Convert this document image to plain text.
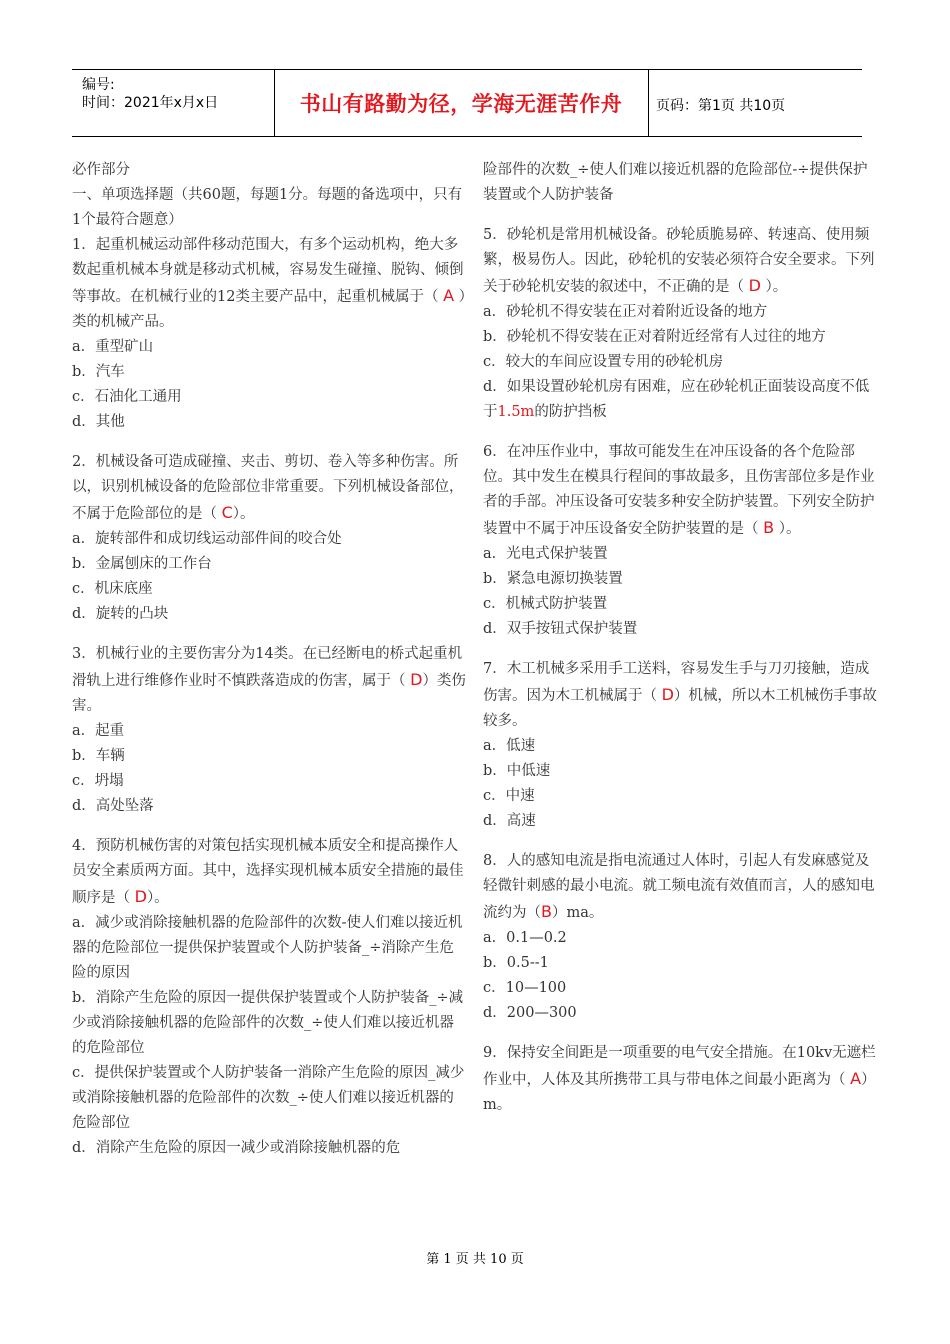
编号:
时间：2021年x月x日	书山有路勤为径，学海无涯苦作舟	页码：第1页 共10页

必作部分

一、单项选择题（共60题，每题1分。每题的备选项中，只有1个最符合题意）

1．起重机械运动部件移动范围大，有多个运动机构，绝大多数起重机械本身就是移动式机械，容易发生碰撞、脱钩、倾倒等事故。在机械行业的12类主要产品中，起重机械属于（ A ）类的机械产品。

a．重型矿山

b．汽车

c．石油化工通用

d．其他

2．机械设备可造成碰撞、夹击、剪切、卷入等多种伤害。所以，识别机械设备的危险部位非常重要。下列机械设备部位，不属于危险部位的是（ C）。

a．旋转部件和成切线运动部件间的咬合处

b．金属刨床的工作台

c．机床底座

d．旋转的凸块

3．机械行业的主要伤害分为14类。在已经断电的桥式起重机滑轨上进行维修作业时不慎跌落造成的伤害，属于（ D）类伤害。

a．起重

b．车辆

c．坍塌

d．高处坠落

4．预防机械伤害的对策包括实现机械本质安全和提高操作人员安全素质两方面。其中，选择实现机械本质安全措施的最佳顺序是（ D）。

a．减少或消除接触机器的危险部件的次数-使人们难以接近机器的危险部位一提供保护装置或个人防护装备_÷消除产生危险的原因

b．消除产生危险的原因一提供保护装置或个人防护装备_÷减少或消除接触机器的危险部件的次数_÷使人们难以接近机器的危险部位

c．提供保护装置或个人防护装备一消除产生危险的原因_减少或消除接触机器的危险部件的次数_÷使人们难以接近机器的危险部位

d．消除产生危险的原因一减少或消除接触机器的危

险部件的次数_÷使人们难以接近机器的危险部位-÷提供保护装置或个人防护装备

5．砂轮机是常用机械设备。砂轮质脆易碎、转速高、使用频繁，极易伤人。因此，砂轮机的安装必须符合安全要求。下列关于砂轮机安装的叙述中，不正确的是（ D ）。

a．砂轮机不得安装在正对着附近设备的地方

b．砂轮机不得安装在正对着附近经常有人过往的地方

c．较大的车间应设置专用的砂轮机房

d．如果设置砂轮机房有困难，应在砂轮机正面装设高度不低于1.5m的防护挡板

6．在冲压作业中，事故可能发生在冲压设备的各个危险部位。其中发生在模具行程间的事故最多，且伤害部位多是作业者的手部。冲压设备可安装多种安全防护装置。下列安全防护装置中不属于冲压设备安全防护装置的是（ B ）。

a．光电式保护装置

b．紧急电源切换装置

c．机械式防护装置

d．双手按钮式保护装置

7．木工机械多采用手工送料，容易发生手与刀刃接触，造成伤害。因为木工机械属于（ D）机械，所以木工机械伤手事故较多。

a．低速

b．中低速

c．中速

d．高速

8．人的感知电流是指电流通过人体时，引起人有发麻感觉及轻微针刺感的最小电流。就工频电流有效值而言，人的感知电流约为（B）ma。

a．0.1—0.2

b．0.5--1

c．10—100

d．200—300

9．保持安全间距是一项重要的电气安全措施。在10kv无遮栏作业中，人体及其所携带工具与带电体之间最小距离为（ A）m。

第 1 页 共 10 页
